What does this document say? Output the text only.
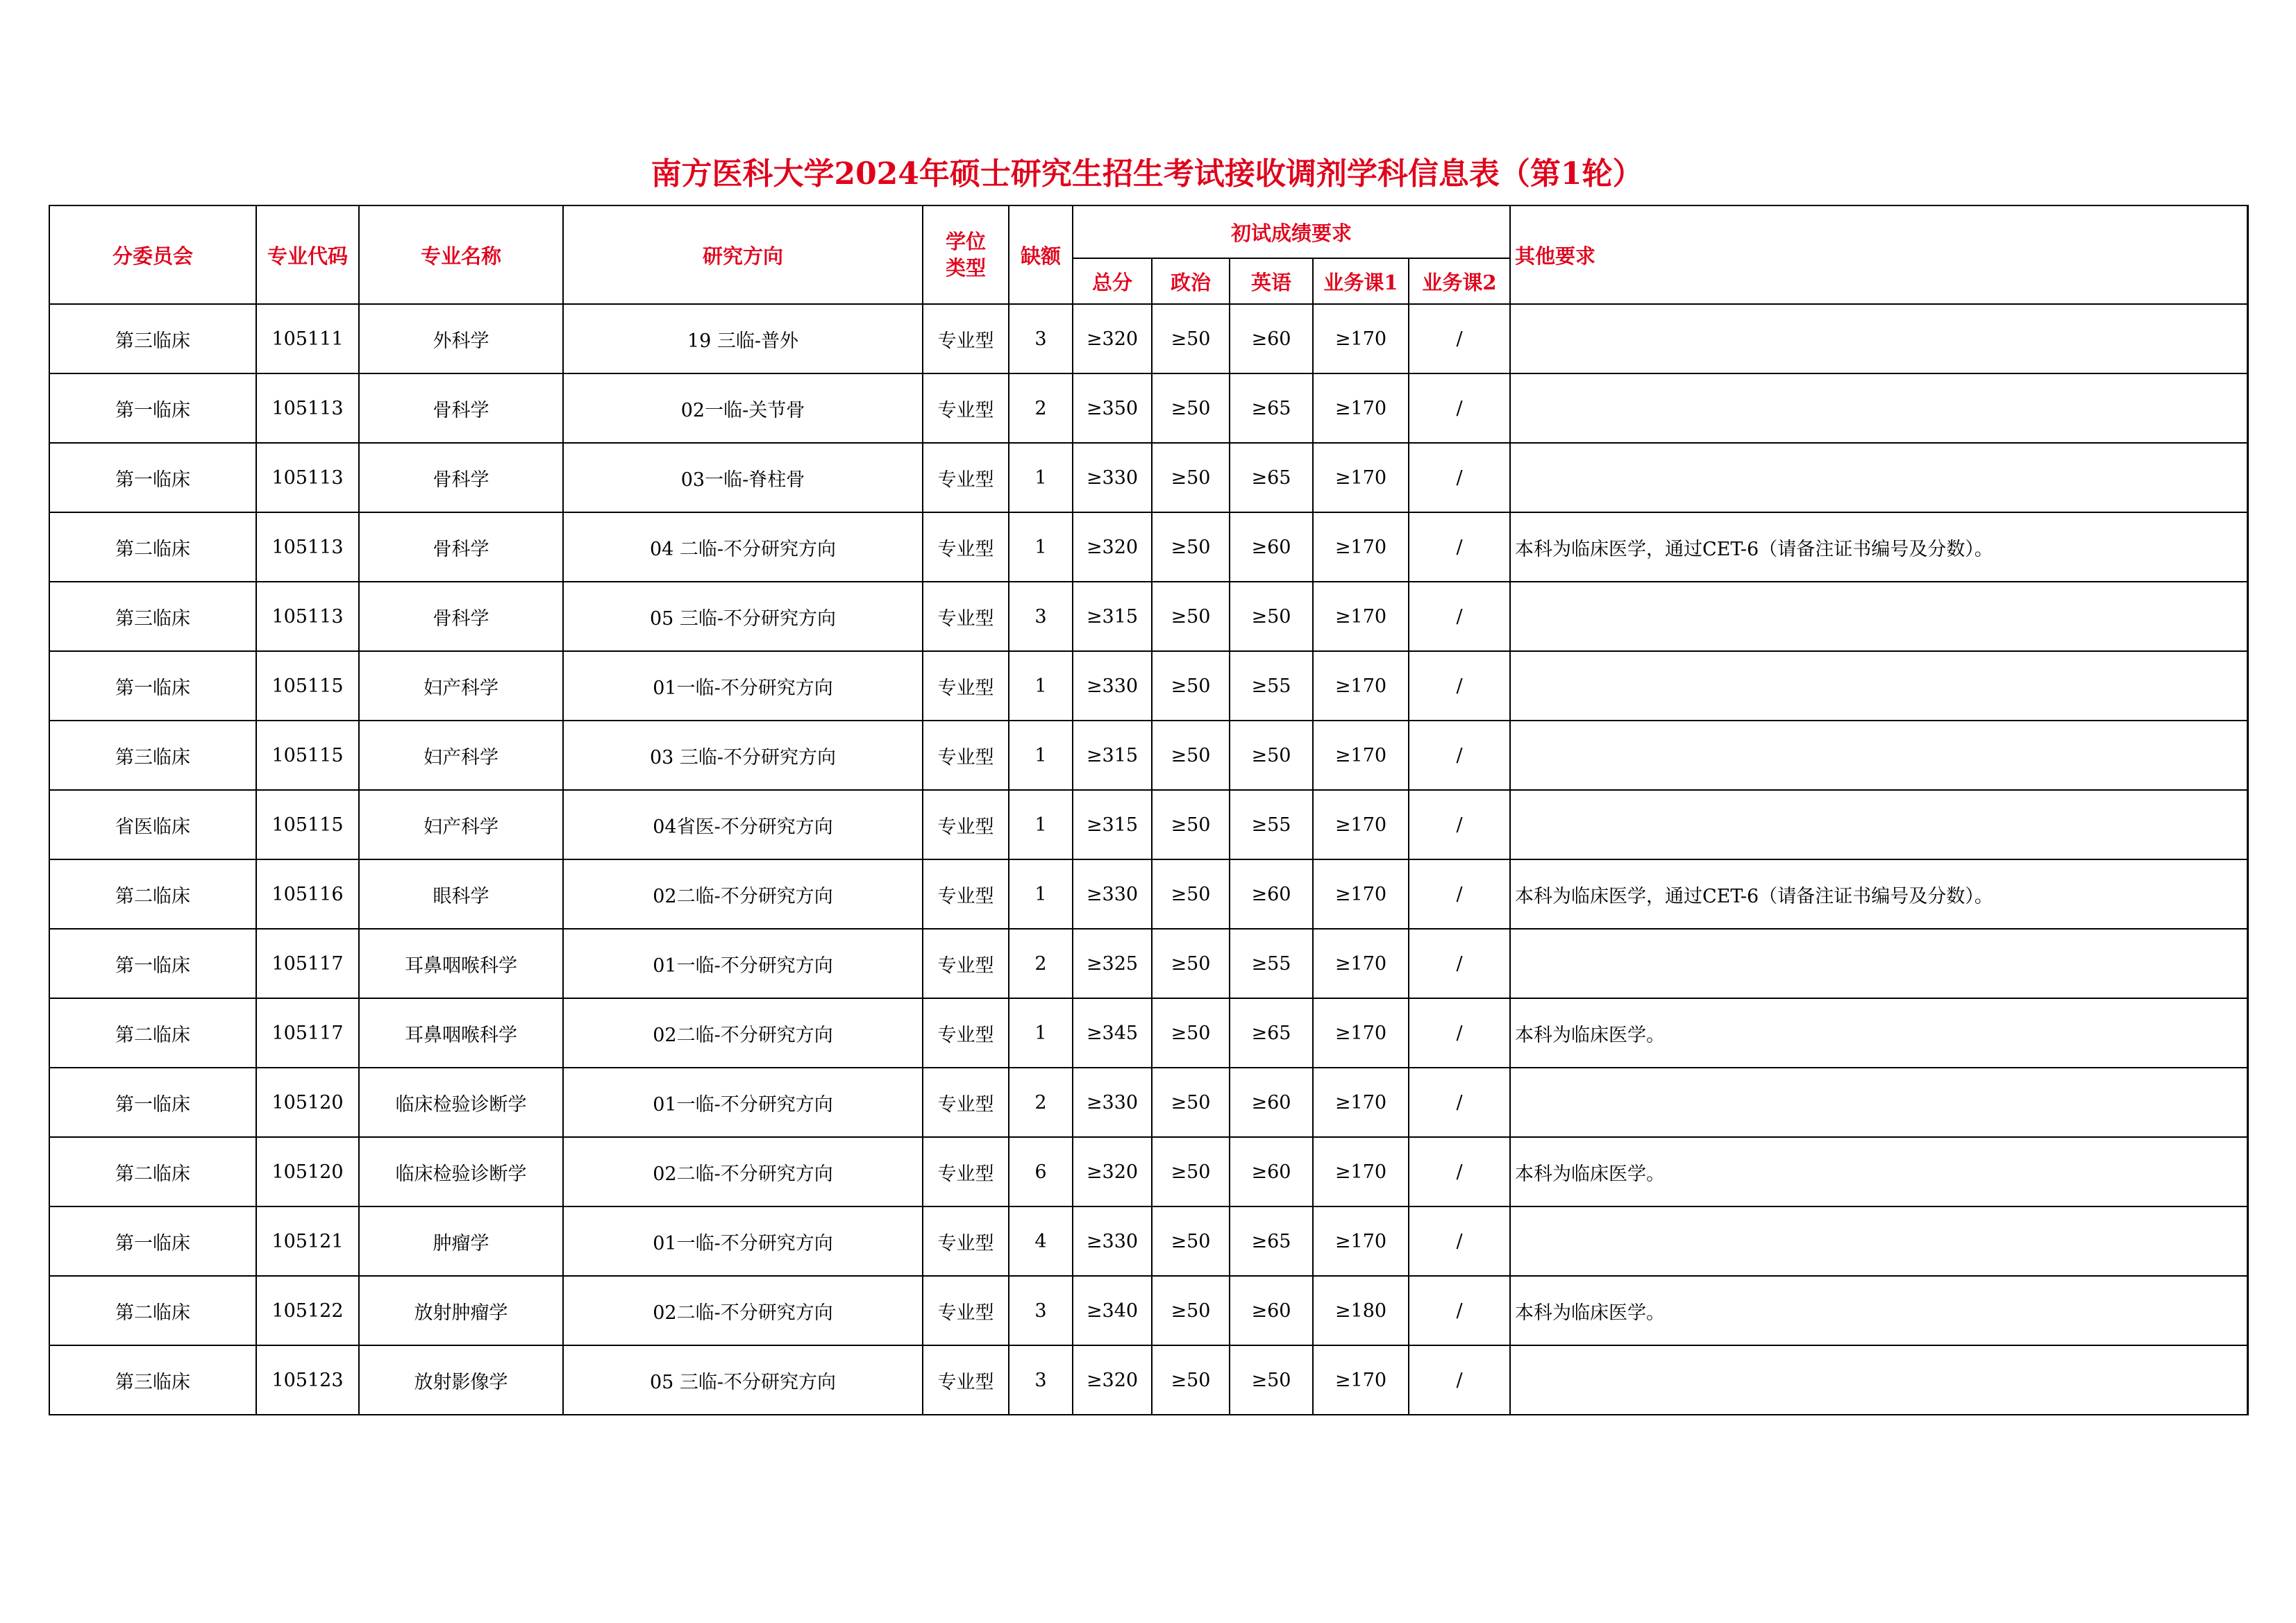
南方医科大学2024年硕士研究生招生考试接收调剂学科信息表（第1轮）
分委员会	专业代码	专业名称	研究方向	学位
类型	缺额	初试成绩要求					其他要求
						总分	政治	英语	业务课1	业务课2	
第三临床	105111	外科学	19 三临-普外	专业型	3	≥320	≥50	≥60	≥170	/	
第一临床	105113	骨科学	02一临-关节骨	专业型	2	≥350	≥50	≥65	≥170	/	
第一临床	105113	骨科学	03一临-脊柱骨	专业型	1	≥330	≥50	≥65	≥170	/	
第二临床	105113	骨科学	04 二临-不分研究方向	专业型	1	≥320	≥50	≥60	≥170	/	本科为临床医学，通过CET-6（请备注证书编号及分数）。
第三临床	105113	骨科学	05 三临-不分研究方向	专业型	3	≥315	≥50	≥50	≥170	/	
第一临床	105115	妇产科学	01一临-不分研究方向	专业型	1	≥330	≥50	≥55	≥170	/	
第三临床	105115	妇产科学	03 三临-不分研究方向	专业型	1	≥315	≥50	≥50	≥170	/	
省医临床	105115	妇产科学	04省医-不分研究方向	专业型	1	≥315	≥50	≥55	≥170	/	
第二临床	105116	眼科学	02二临-不分研究方向	专业型	1	≥330	≥50	≥60	≥170	/	本科为临床医学，通过CET-6（请备注证书编号及分数）。
第一临床	105117	耳鼻咽喉科学	01一临-不分研究方向	专业型	2	≥325	≥50	≥55	≥170	/	
第二临床	105117	耳鼻咽喉科学	02二临-不分研究方向	专业型	1	≥345	≥50	≥65	≥170	/	本科为临床医学。
第一临床	105120	临床检验诊断学	01一临-不分研究方向	专业型	2	≥330	≥50	≥60	≥170	/	
第二临床	105120	临床检验诊断学	02二临-不分研究方向	专业型	6	≥320	≥50	≥60	≥170	/	本科为临床医学。
第一临床	105121	肿瘤学	01一临-不分研究方向	专业型	4	≥330	≥50	≥65	≥170	/	
第二临床	105122	放射肿瘤学	02二临-不分研究方向	专业型	3	≥340	≥50	≥60	≥180	/	本科为临床医学。
第三临床	105123	放射影像学	05 三临-不分研究方向	专业型	3	≥320	≥50	≥50	≥170	/	
